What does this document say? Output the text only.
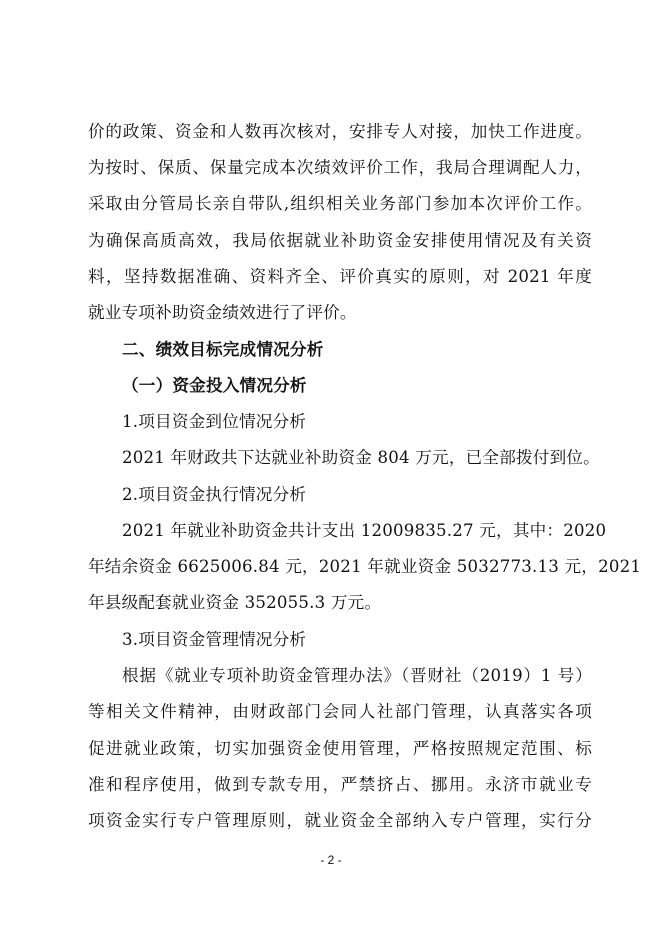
价的政策、资金和人数再次核对，安排专人对接，加快工作进度。
为按时、保质、保量完成本次绩效评价工作，我局合理调配人力，
采取由分管局长亲自带队,组织相关业务部门参加本次评价工作。
为确保高质高效，我局依据就业补助资金安排使用情况及有关资
料，坚持数据准确、资料齐全、评价真实的原则，对 2021 年度
就业专项补助资金绩效进行了评价。
二、绩效目标完成情况分析
（一）资金投入情况分析
1.项目资金到位情况分析
2021 年财政共下达就业补助资金 804 万元，已全部拨付到位。
2.项目资金执行情况分析
2021 年就业补助资金共计支出 12009835.27 元，其中：2020
年结余资金 6625006.84 元，2021 年就业资金 5032773.13 元，2021
年县级配套就业资金 352055.3 万元。
3.项目资金管理情况分析
根据《就业专项补助资金管理办法》（晋财社（2019）1 号）
等相关文件精神，由财政部门会同人社部门管理，认真落实各项
促进就业政策，切实加强资金使用管理，严格按照规定范围、标
准和程序使用，做到专款专用，严禁挤占、挪用。永济市就业专
项资金实行专户管理原则，就业资金全部纳入专户管理，实行分
- 2 -
